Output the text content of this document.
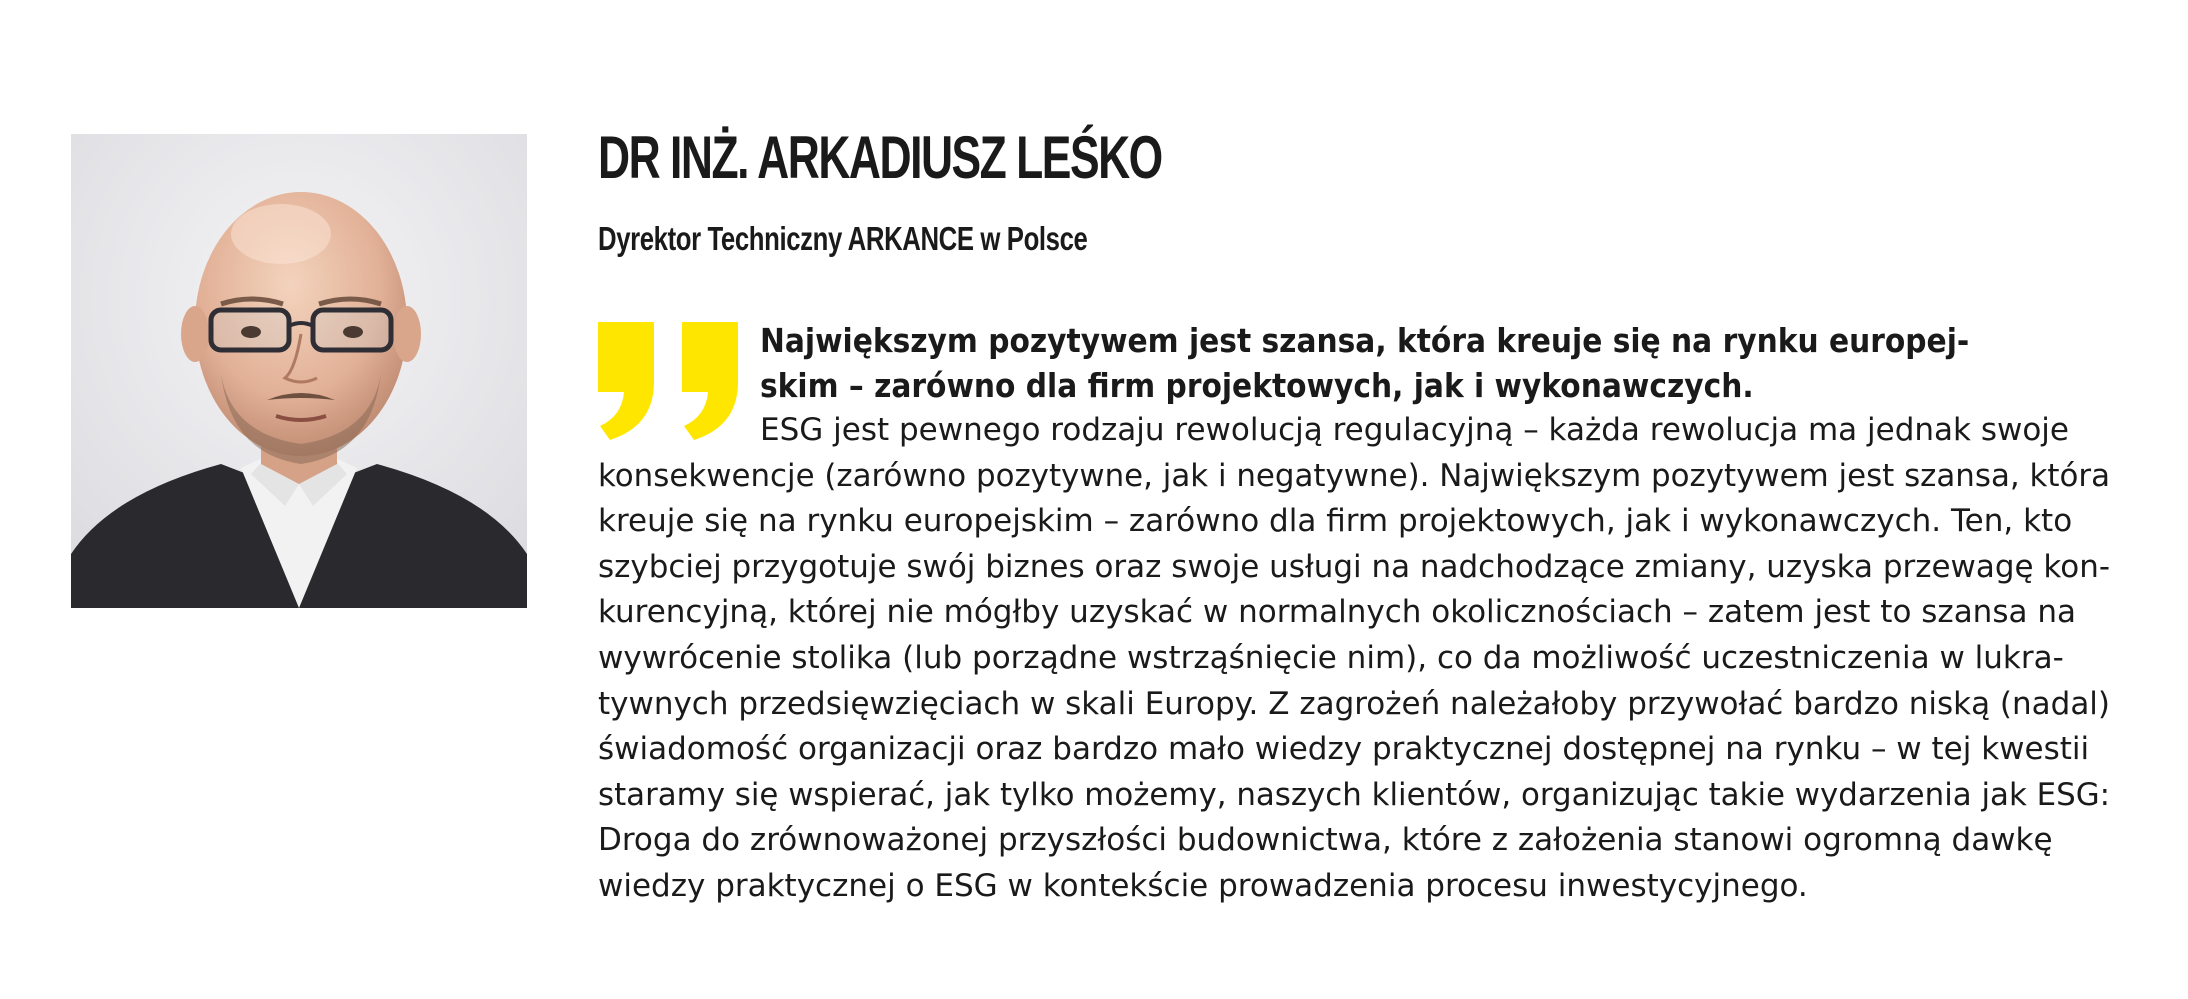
DR INŻ. ARKADIUSZ LEŚKO
Dyrektor Techniczny ARKANCE w Polsce

Największym pozytywem jest szansa, która kreuje się na rynku europej-
skim – zarówno dla firm projektowych, jak i wykonawczych.

ESG jest pewnego rodzaju rewolucją regulacyjną – każda rewolucja ma jednak swoje
konsekwencje (zarówno pozytywne, jak i negatywne). Największym pozytywem jest szansa, która
kreuje się na rynku europejskim – zarówno dla firm projektowych, jak i wykonawczych. Ten, kto
szybciej przygotuje swój biznes oraz swoje usługi na nadchodzące zmiany, uzyska przewagę kon-
kurencyjną, której nie mógłby uzyskać w normalnych okolicznościach – zatem jest to szansa na
wywrócenie stolika (lub porządne wstrząśnięcie nim), co da możliwość uczestniczenia w lukra-
tywnych przedsięwzięciach w skali Europy. Z zagrożeń należałoby przywołać bardzo niską (nadal)
świadomość organizacji oraz bardzo mało wiedzy praktycznej dostępnej na rynku – w tej kwestii
staramy się wspierać, jak tylko możemy, naszych klientów, organizując takie wydarzenia jak ESG:
Droga do zrównoważonej przyszłości budownictwa, które z założenia stanowi ogromną dawkę
wiedzy praktycznej o ESG w kontekście prowadzenia procesu inwestycyjnego.
